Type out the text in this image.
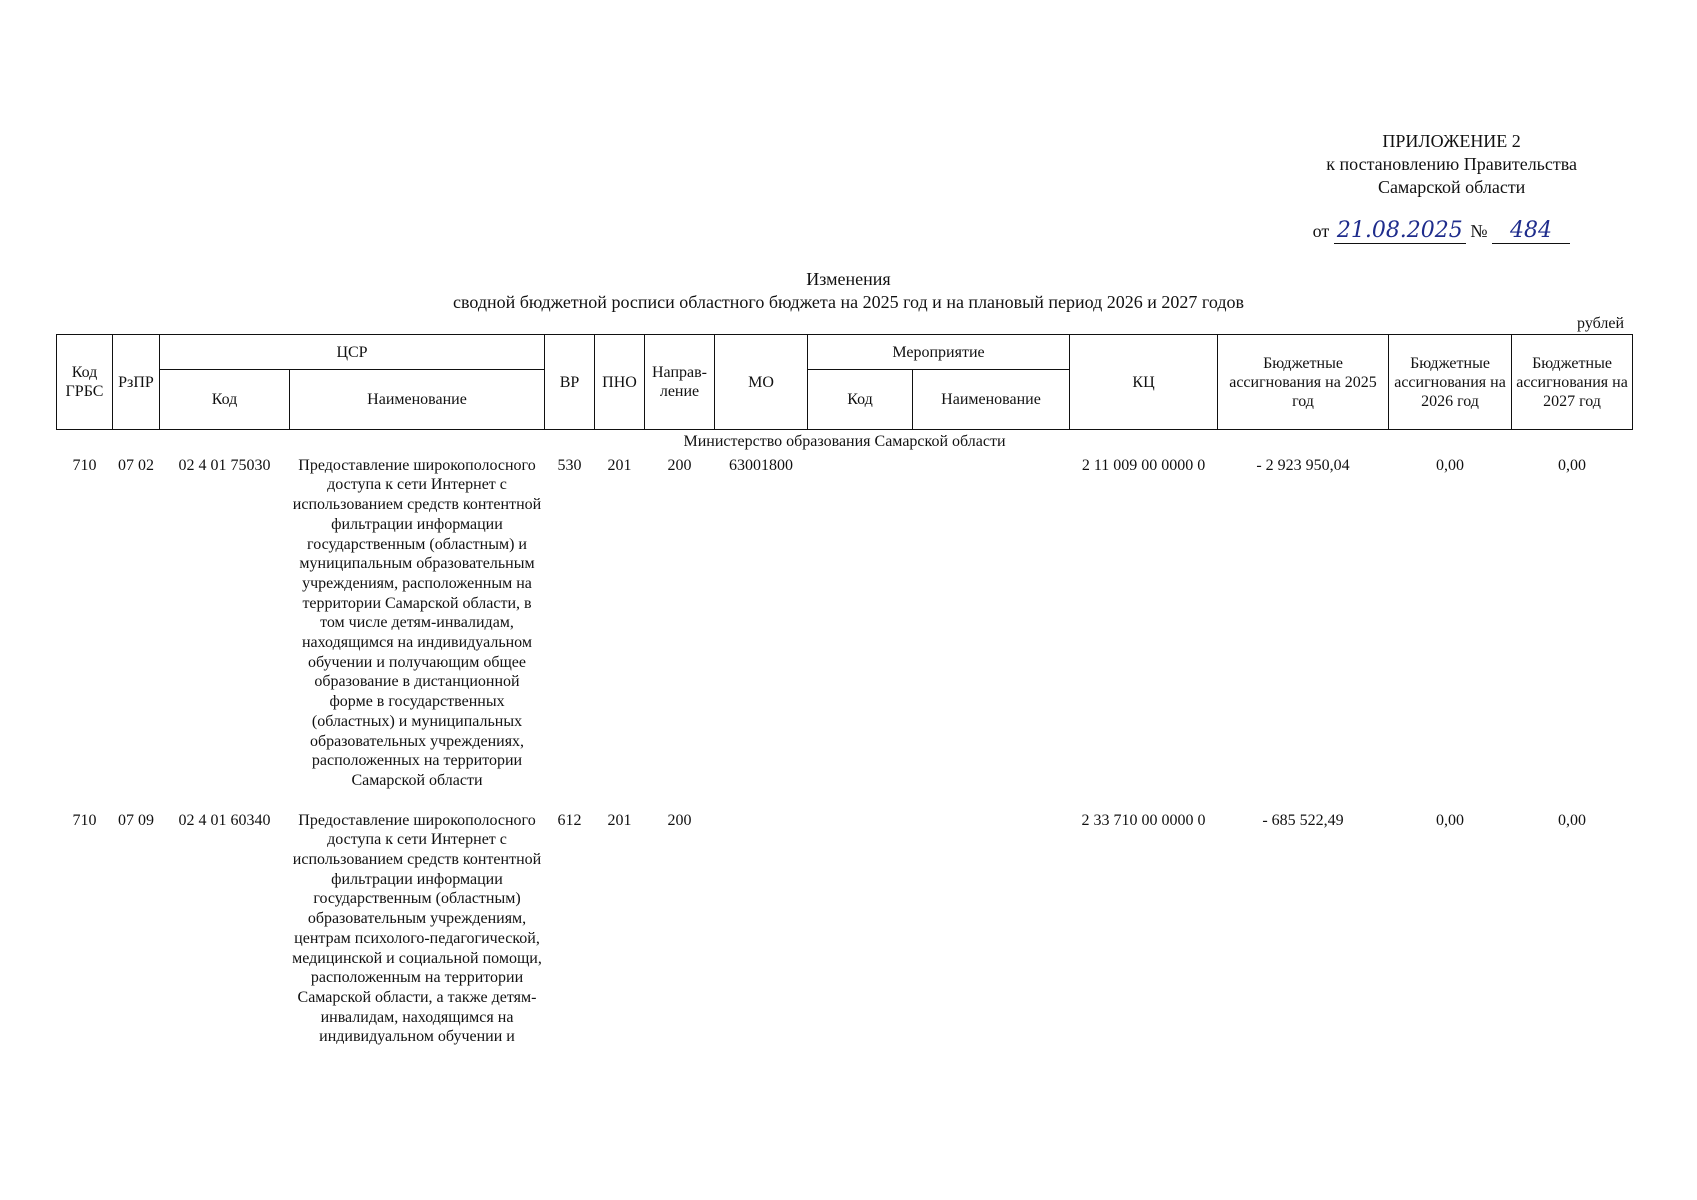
ПРИЛОЖЕНИЕ 2
к постановлению Правительства
Самарской области
от 21.08.2025 № 484
Изменения
сводной бюджетной росписи областного бюджета на 2025 год и на плановый период 2026 и 2027 годов
рублей
Код ГРБС	РзПР	ЦСР		ВР	ПНО	Направ-ление	МО	Мероприятие		КЦ	Бюджетные ассигнования на 2025 год	Бюджетные ассигнования на 2026 год	Бюджетные ассигнования на 2027 год
		Код	Наименование					Код	Наименование				
Министерство образования Самарской области													
710	07 02	02 4 01 75030	Предоставление широкополосного доступа к сети Интернет с использованием средств контентной фильтрации информации государственным (областным) и муниципальным образовательным учреждениям, расположенным на территории Самарской области, в том числе детям-инвалидам, находящимся на индивидуальном обучении и получающим общее образование в дистанционной форме в государственных (областных) и муниципальных образовательных учреждениях, расположенных на территории Самарской области	530	201	200	63001800			2 11 009 00 0000 0	- 2 923 950,04	0,00	0,00

710	07 09	02 4 01 60340	Предоставление широкополосного доступа к сети Интернет с использованием средств контентной фильтрации информации государственным (областным) образовательным учреждениям, центрам психолого-педагогической, медицинской и социальной помощи, расположенным на территории Самарской области, а также детям-инвалидам, находящимся на индивидуальном обучении и	612	201	200				2 33 710 00 0000 0	- 685 522,49	0,00	0,00
